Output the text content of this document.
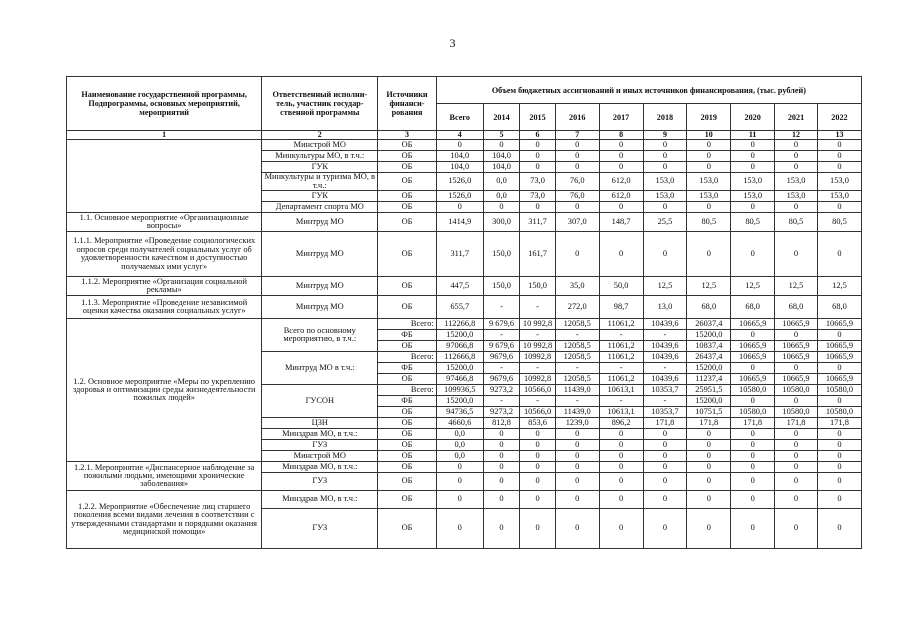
3
Наименование государственной программы, Подпрограммы, основных мероприятий, мероприятий	Ответственный исполни-тель, участник государ-ственной программы	Источники финанси-рования	Объем бюджетных ассигнований и иных источников финансирования, (тыс. рублей)									
			Всего	2014	2015	2016	2017	2018	2019	2020	2021	2022
1	2	3	4	5	6	7	8	9	10	11	12	13
	Минстрой МО	ОБ	0	0	0	0	0	0	0	0	0	0
	Минкультуры МО, в т.ч.:	ОБ	104,0	104,0	0	0	0	0	0	0	0	0
	ГУК	ОБ	104,0	104,0	0	0	0	0	0	0	0	0
	Минкультуры и туризма МО, в т.ч.:	ОБ	1526,0	0,0	73,0	76,0	612,0	153,0	153,0	153,0	153,0	153,0
	ГУК	ОБ	1526,0	0,0	73,0	76,0	612,0	153,0	153,0	153,0	153,0	153,0
	Департамент спорта МО	ОБ	0	0	0	0	0	0	0	0	0	0
1.1. Основное мероприятие «Организационные вопросы»	Минтруд МО	ОБ	1414,9	300,0	311,7	307,0	148,7	25,5	80,5	80,5	80,5	80,5
1.1.1. Мероприятие «Проведение социологических опросов среди получателей социальных услуг об удовлетворенности качеством и доступностью получаемых ими услуг»	Минтруд МО	ОБ	311,7	150,0	161,7	0	0	0	0	0	0	0
1.1.2. Мероприятие «Организация социальной рекламы»	Минтруд МО	ОБ	447,5	150,0	150,0	35,0	50,0	12,5	12,5	12,5	12,5	12,5
1.1.3. Мероприятие «Проведение независимой оценки качества оказания социальных услуг»	Минтруд МО	ОБ	655,7	-	-	272,0	98,7	13,0	68,0	68,0	68,0	68,0
1.2. Основное мероприятие «Меры по укреплению здоровья и оптимизации среды жизнедеятельности пожилых людей»	Всего по основному мероприятию, в т.ч.:	Всего:	112266,8	9 679,6	10 992,8	12058,5	11061,2	10439,6	26037,4	10665,9	10665,9	10665,9
		ФБ	15200,0	-	-	-	-	-	15200,0	0	0	0
		ОБ	97066,8	9 679,6	10 992,8	12058,5	11061,2	10439,6	10837,4	10665,9	10665,9	10665,9
	Минтруд МО в т.ч.:	Всего:	112666,8	9679,6	10992,8	12058,5	11061,2	10439,6	26437,4	10665,9	10665,9	10665,9
		ФБ	15200,0	-	-	-	-	-	15200,0	0	0	0
		ОБ	97466,8	9679,6	10992,8	12058,5	11061,2	10439,6	11237,4	10665,9	10665,9	10665,9
	ГУСОН	Всего:	109936,5	9273,2	10566,0	11439,0	10613,1	10353,7	25951,5	10580,0	10580,0	10580,0
		ФБ	15200,0	-	-	-	-	-	15200,0	0	0	0
		ОБ	94736,5	9273,2	10566,0	11439,0	10613,1	10353,7	10751,5	10580,0	10580,0	10580,0
	ЦЗН	ОБ	4660,6	812,8	853,6	1239,0	896,2	171,8	171,8	171,8	171,8	171,8
	Минздрав МО, в т.ч.:	ОБ	0,0	0	0	0	0	0	0	0	0	0
	ГУЗ	ОБ	0,0	0	0	0	0	0	0	0	0	0
	Минстрой МО	ОБ	0,0	0	0	0	0	0	0	0	0	0
1.2.1. Мероприятие «Диспансерное наблюдение за пожилыми людьми, имеющими хронические заболевания»	Минздрав МО, в т.ч.:	ОБ	0	0	0	0	0	0	0	0	0	0
	ГУЗ	ОБ	0	0	0	0	0	0	0	0	0	0
1.2.2. Мероприятие «Обеспечение лиц старшего поколения всеми видами лечения в соответствии с утвержденными стандартами и порядками оказания медицинской помощи»	Минздрав МО, в т.ч.:	ОБ	0	0	0	0	0	0	0	0	0	0
	ГУЗ	ОБ	0	0	0	0	0	0	0	0	0	0
